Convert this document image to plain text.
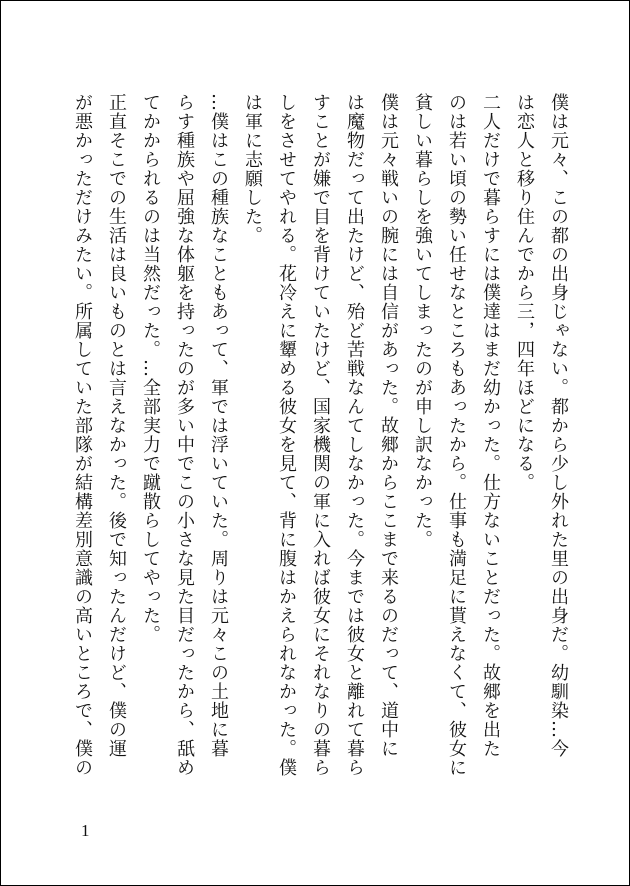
僕は元々、この都の出身じゃない。都から少し外れた里の出身だ。幼馴染…今
は恋人と移り住んでから三，四年ほどになる。
二人だけで暮らすには僕達はまだ幼かった。仕方ないことだった。故郷を出た
のは若い頃の勢い任せなところもあったから。仕事も満足に貰えなくて、彼女に
貧しい暮らしを強いてしまったのが申し訳なかった。
僕は元々戦いの腕には自信があった。故郷からここまで来るのだって、道中に
は魔物だって出たけど、殆ど苦戦なんてしなかった。今までは彼女と離れて暮ら
すことが嫌で目を背けていたけど、国家機関の軍に入れば彼女にそれなりの暮ら
しをさせてやれる。花冷えに顰める彼女を見て、背に腹はかえられなかった。僕
は軍に志願した。
…僕はこの種族なこともあって、軍では浮いていた。周りは元々この土地に暮
らす種族や屈強な体躯を持ったのが多い中でこの小さな見た目だったから、舐め
てかかられるのは当然だった。…全部実力で蹴散らしてやった。
正直そこでの生活は良いものとは言えなかった。後で知ったんだけど、僕の運
が悪かっただけみたい。所属していた部隊が結構差別意識の高いところで、僕の
1
